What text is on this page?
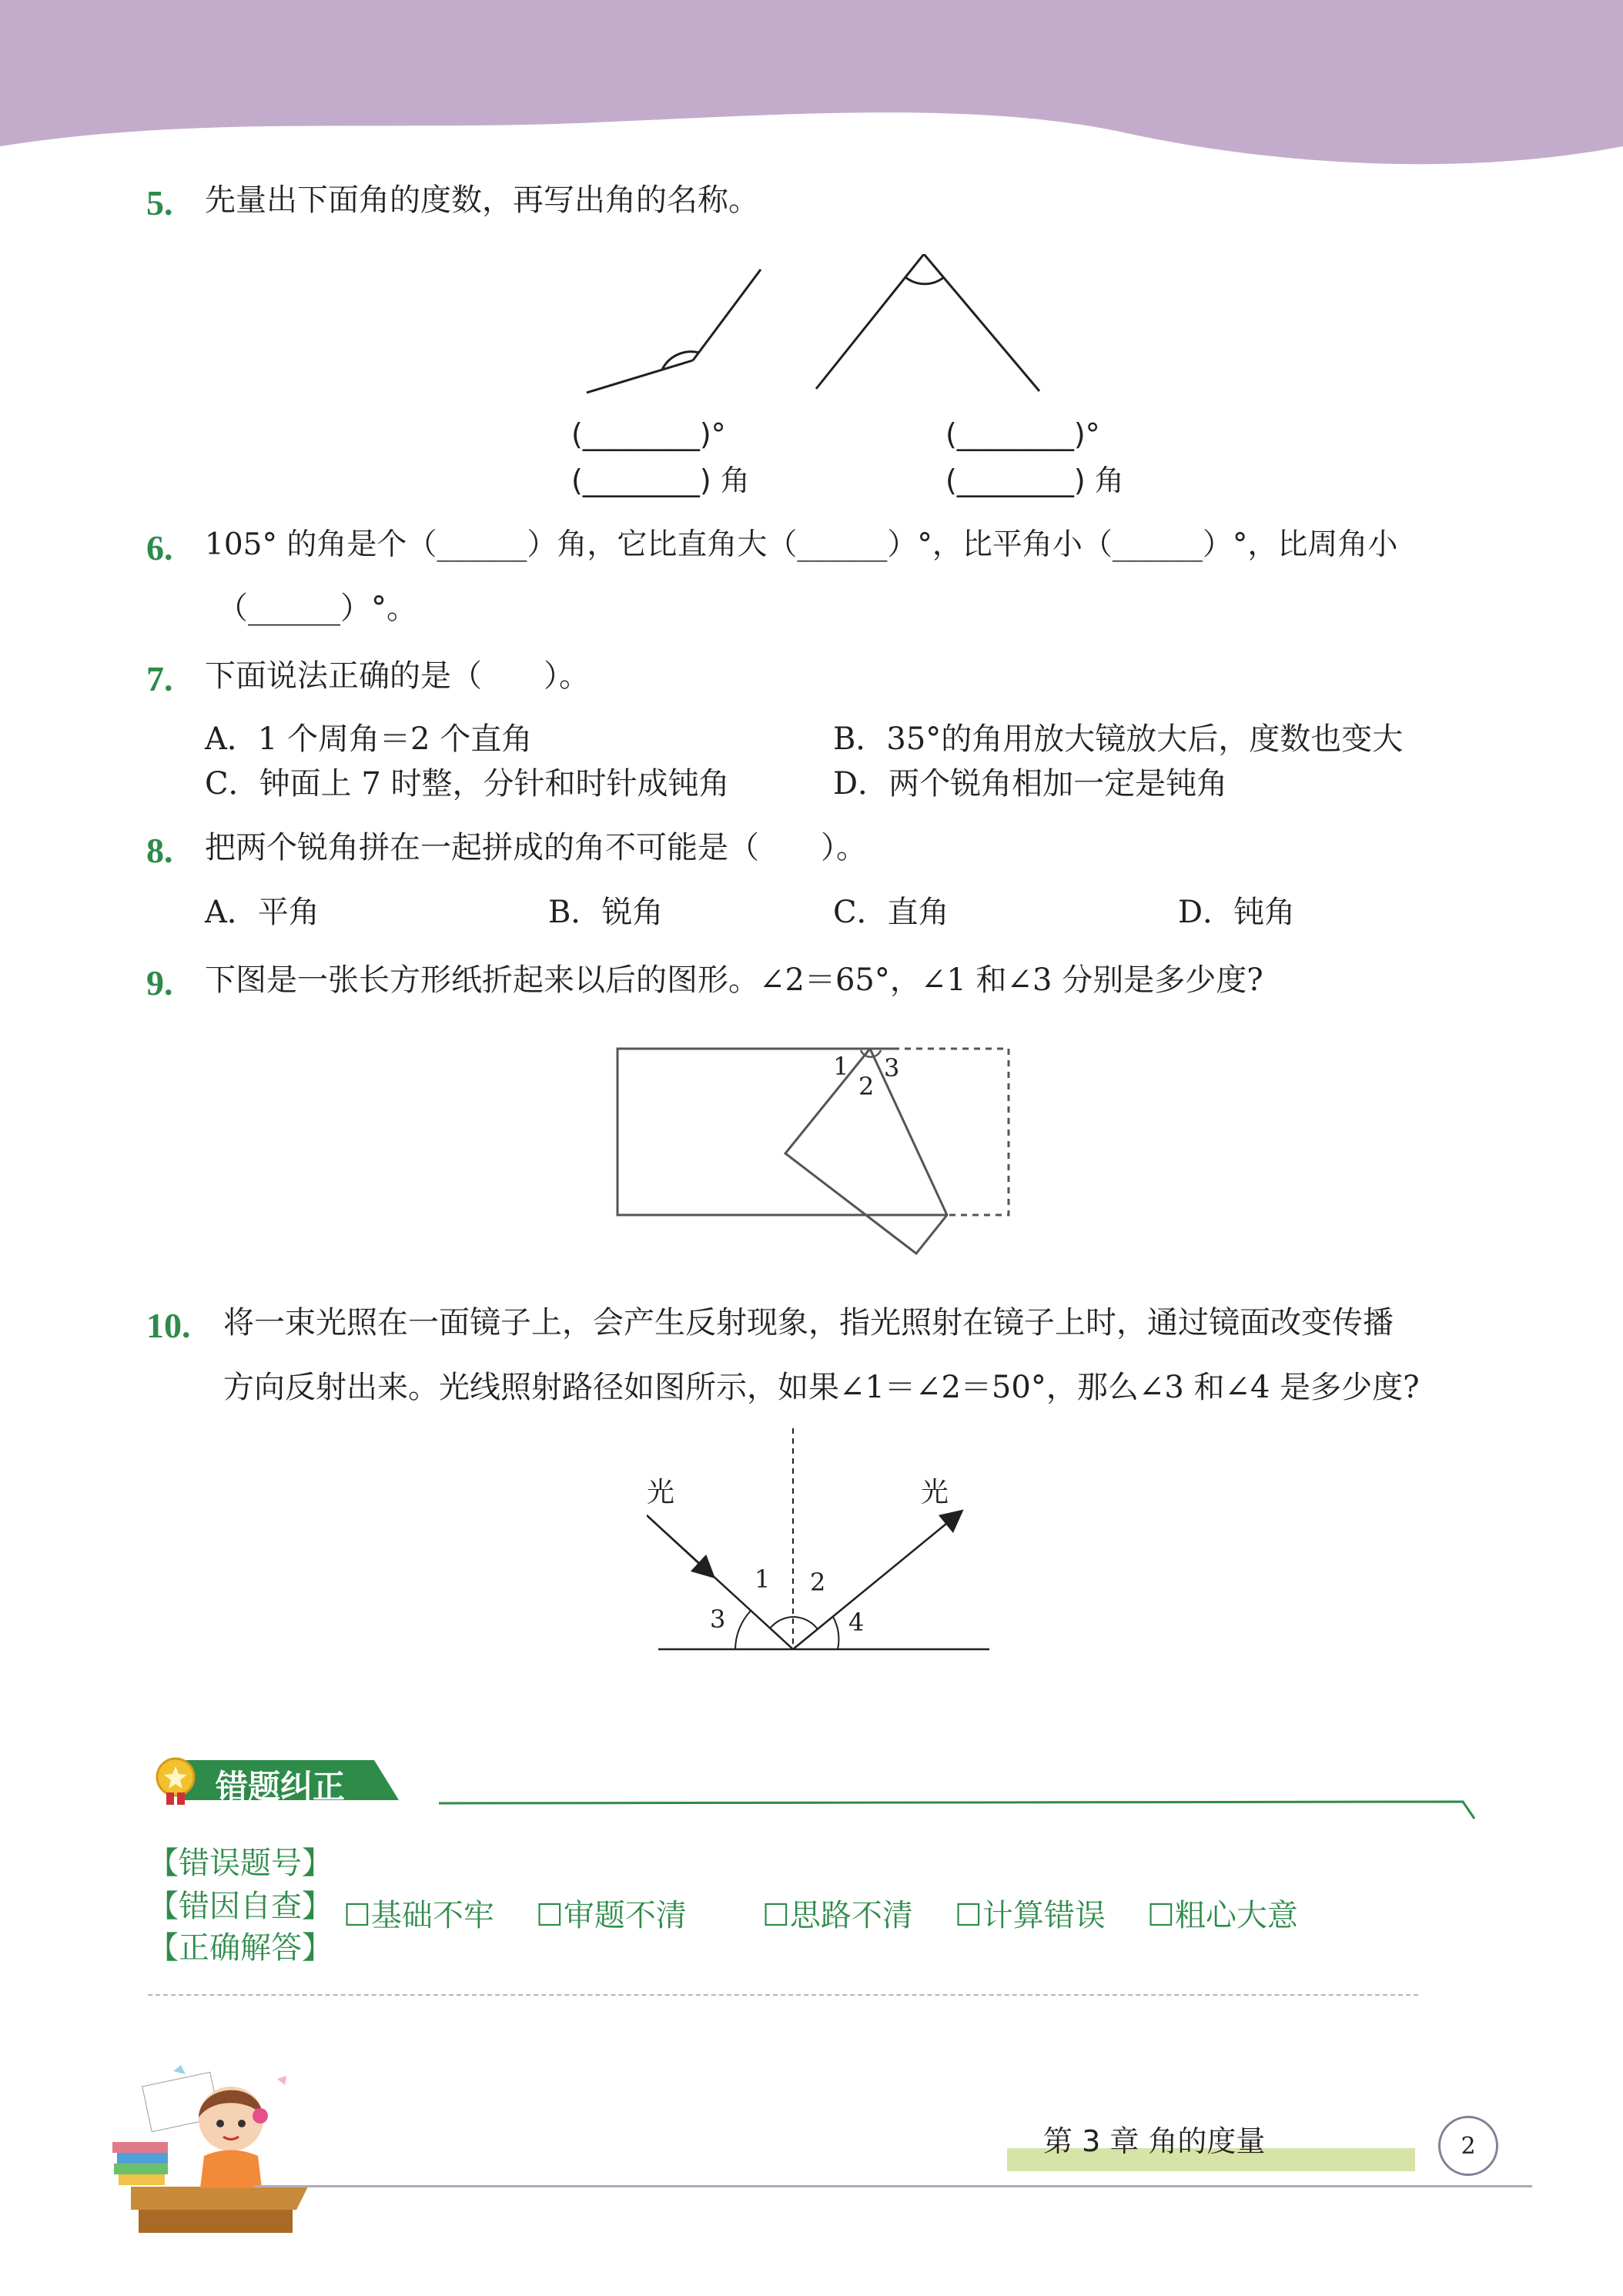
5. 先量出下面角的度数，再写出角的名称。
(________)°
(________) 角
(________)°
(________) 角
6. 105° 的角是个（______）角，它比直角大（______）°，比平角小（______）°，比周角小
（______）°。
7. 下面说法正确的是（　　）。
A．1 个周角＝2 个直角	B．35°的角用放大镜放大后，度数也变大
C．钟面上 7 时整，分针和时针成钝角	D．两个锐角相加一定是钝角
8. 把两个锐角拼在一起拼成的角不可能是（　　）。
A．平角	B．锐角	C．直角	D．钝角
9. 下图是一张长方形纸折起来以后的图形。∠2＝65°，∠1 和∠3 分别是多少度?
1
2
3
10. 将一束光照在一面镜子上，会产生反射现象，指光照射在镜子上时，通过镜面改变传播
方向反射出来。光线照射路径如图所示，如果∠1＝∠2＝50°，那么∠3 和∠4 是多少度?
光	光
1 2
3	4
错题纠正
【错误题号】
【错因自查】 ☐基础不牢 ☐审题不清 ☐思路不清 ☐计算错误 ☐粗心大意
【正确解答】
第 3 章 角的度量	2
